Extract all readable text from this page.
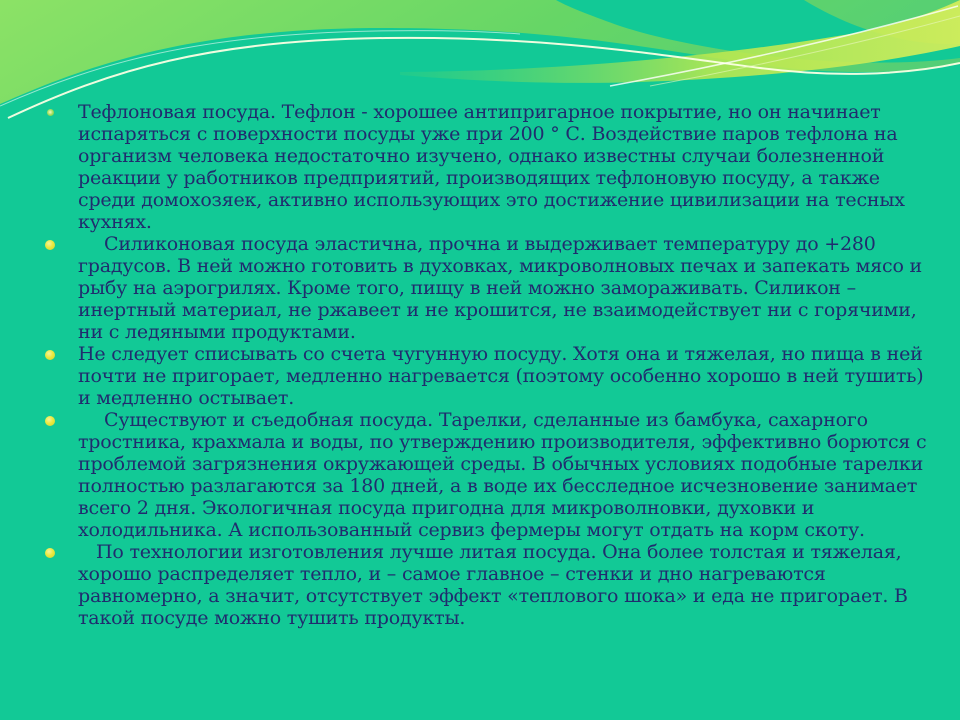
Тефлоновая посуда. Тефлон - хорошее антипригарное покрытие, но он начинает испаряться с поверхности посуды уже при 200 ° С. Воздействие паров тефлона на организм человека недостаточно изучено, однако известны случаи болезненной реакции у работников предприятий, производящих тефлоновую посуду, а также среди домохозяек, активно использующих это достижение цивилизации на тесных кухнях.
Силиконовая посуда эластична, прочна и выдерживает температуру до +280 градусов. В ней можно готовить в духовках, микроволновых печах и запекать мясо и рыбу на аэрогрилях. Кроме того, пищу в ней можно замораживать. Силикон – инертный материал, не ржавеет и не крошится, не взаимодействует ни с горячими, ни с ледяными продуктами.
Не следует списывать со счета чугунную посуду. Хотя она и тяжелая, но пища в ней почти не пригорает, медленно нагревается (поэтому особенно хорошо в ней тушить) и медленно остывает.
Существуют и съедобная посуда. Тарелки, сделанные из бамбука, сахарного тростника, крахмала и воды, по утверждению производителя, эффективно борются с проблемой загрязнения окружающей среды. В обычных условиях подобные тарелки полностью разлагаются за 180 дней, а в воде их бесследное исчезновение занимает всего 2 дня. Экологичная посуда пригодна для микроволновки, духовки и холодильника. А использованный сервиз фермеры могут отдать на корм скоту.
По технологии изготовления лучше литая посуда. Она более толстая и тяжелая, хорошо распределяет тепло, и – самое главное – стенки и дно нагреваются равномерно, а значит, отсутствует эффект «теплового шока» и еда не пригорает. В такой посуде можно тушить продукты.
